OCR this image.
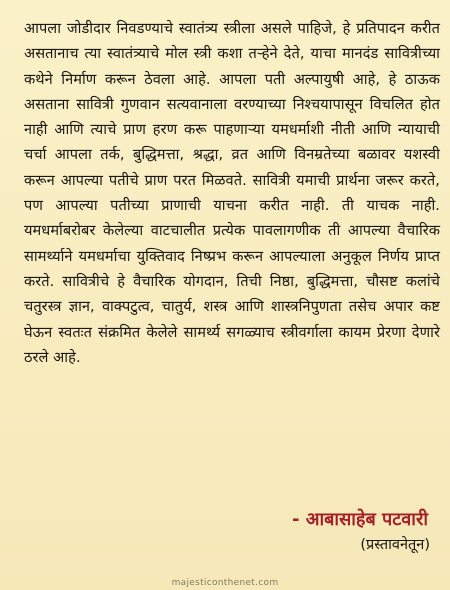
आपला जोडीदार निवडण्याचे स्वातंत्र्य स्त्रीला असले पाहिजे, हे प्रतिपादन करीत असतानाच त्या स्वातंत्र्याचे मोल स्त्री कशा तऱ्हेने देते, याचा मानदंड सावित्रीच्या कथेने निर्माण करून ठेवला आहे. आपला पती अल्पायुषी आहे, हे ठाऊक असताना सावित्री गुणवान सत्यवानाला वरण्याच्या निश्चयापासून विचलित होत नाही आणि त्याचे प्राण हरण करू पाहणाऱ्या यमधर्माशी नीती आणि न्यायाची चर्चा आपला तर्क, बुद्धिमत्ता, श्रद्धा, व्रत आणि विनम्रतेच्या बळावर यशस्वी करून आपल्या पतीचे प्राण परत मिळवते. सावित्री यमाची प्रार्थना जरूर करते, पण आपल्या पतीच्या प्राणाची याचना करीत नाही. ती याचक नाही. यमधर्माबरोबर केलेल्या वाटचालीत प्रत्येक पावलागणीक ती आपल्या वैचारिक सामर्थ्याने यमधर्माचा युक्तिवाद निष्प्रभ करून आपल्याला अनुकूल निर्णय प्राप्त करते. सावित्रीचे हे वैचारिक योगदान, तिची निष्ठा, बुद्धिमत्ता, चौसष्ट कलांचे चतुरस्त्र ज्ञान, वाक्पटुत्व, चातुर्य, शस्त्र आणि शास्त्रनिपुणता तसेच अपार कष्ट घेऊन स्वतःत संक्रमित केलेले सामर्थ्य सगळ्याच स्त्रीवर्गाला कायम प्रेरणा देणारे ठरले आहे.

- आबासाहेब पटवारी
(प्रस्तावनेतून)
majesticonthenet.com
